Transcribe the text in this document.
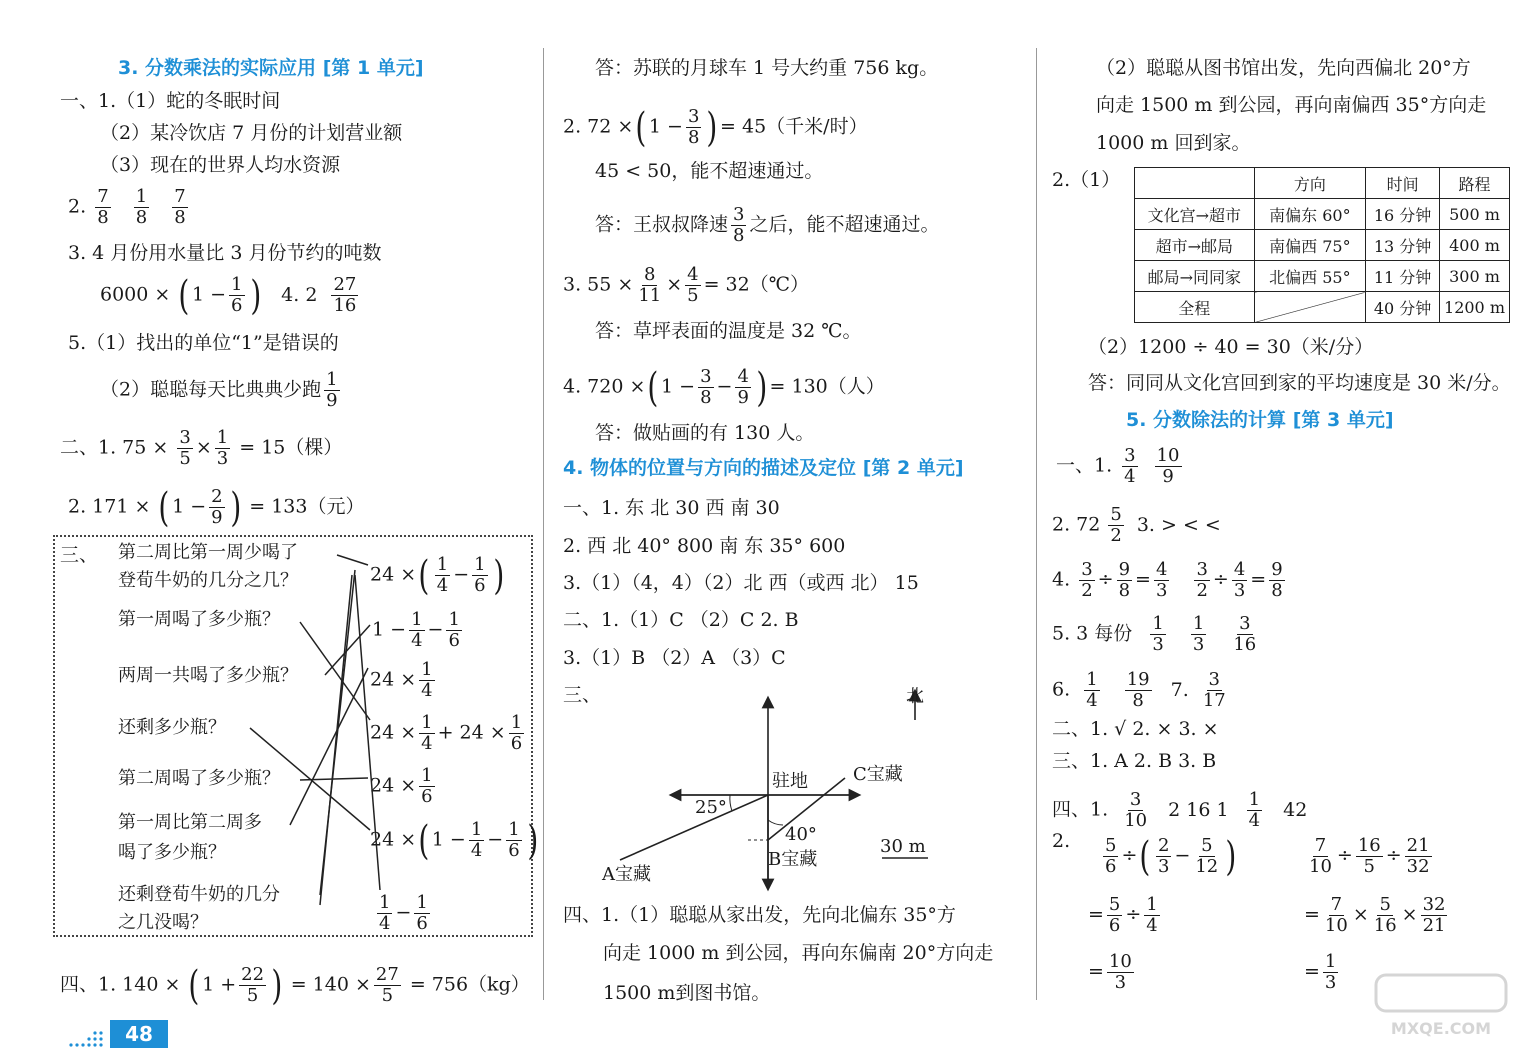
3. 分数乘法的实际应用 [第 1 单元]
一、1.（1）蛇的冬眠时间
（2）某冷饮店 7 月份的计划营业额
（3）现在的世界人均水资源
2. $\frac{7}{8}$
$\frac{1}{8}$
$\frac{7}{8}$
3. 4 月份用水量比 3 月份节约的吨数
6000 × ( $1 - \frac{1}{6}$ ) 4. $2 \frac{27}{16}$
5.（1）找出的单位“1”是错误的
（2）聪聪每天比典典少跑 $\frac{1}{9}$
二、1. $75 \times \frac{3}{5} \times \frac{1}{3} = 15$（棵）
2. 171 × ( $1 - \frac{2}{9}$ ) = 133（元）
三、
四、1. 140 × ( $1 + \frac{22}{5}$ ) = $140 \times \frac{27}{5} = 756(kg)$
第二周比第一周少喝了
登荀牛奶的几分之几？
第一周喝了多少瓶？
两周一共喝了多少瓶？
还剩多少瓶？
第二周喝了多少瓶？
第一周比第二周多
喝了多少瓶？
还剩登荀牛奶的几分
之几没喝？
24 ×( $\frac{1}{4} - \frac{1}{6}$ )
$1 - \frac{1}{4} - \frac{1}{6}$
$24 \times \frac{1}{4}$
$24 \times \frac{1}{4} + 24 \times \frac{1}{6}$
$24 \times \frac{1}{6}$
24 ×( $1 - \frac{1}{4} - \frac{1}{6}$ )
$\frac{1}{4} - \frac{1}{6}$
答：苏联的月球车 1 号大约重 756 kg。
2. 72 ×( $1 - \frac{3}{8}$ ) = 45（千米/时）
45 < 50，能不超速通过。
答：王叔叔降速 $\frac{3}{8}$ 之后，能不超速通过。
3. $55 \times \frac{8}{11} \times \frac{4}{5}$ = 32（℃）
答：草坪表面的温度是 32 ℃。
4. 720 ×( $1 - \frac{3}{8} - \frac{4}{9}$ ) = 130（人）
答：做贴画的有 130 人。
4. 物体的位置与方向的描述及定位 [第 2 单元]
一、1. 东 北 30 西 南 30
2. 西 北 40° 800 南 东 35° 600
3.（1）（4，4）（2）北 西（或西 北） 15
二、1.（1）C （2）C 2. B
3.（1）B （2）A （3）C
三、
四、1.（1）聪聪从家出发，先向北偏东 35°方
向走 1000 m 到公园，再向东偏南 20°方向走
1500 m到图书馆。
北
驻地	C宝藏
A宝藏
B宝藏
25°
40°
30 m
（2）聪聪从图书馆出发，先向西偏北 20°方
向走 1500 m 到公园，再向南偏西 35°方向走
1000 m 回到家。
2.（1）
（2）1200 ÷ 40 = 30（米/分）
答：同同从文化宫回到家的平均速度是 30 米/分。
5. 分数除法的计算 [第 3 单元]
一、1. $\frac{3}{4} \frac{10}{9}$
2. $72 \frac{5}{2} 3$. > < <
4. $\frac{3}{2} \div \frac{9}{8} = \frac{4}{3}$
$\frac{3}{2} \div \frac{4}{3} = \frac{9}{8}$
5. 3 每份 $\frac{1}{3}$
$\frac{1}{3}$
$\frac{3}{16}$
6. $\frac{1}{4}$
$\frac{19}{8} 7$. $\frac{3}{17}$
二、1. √ 2. × 3. ×
三、1. A 2. B 3. B
四、1. $\frac{3}{10} 2$ 16 $1 \frac{1}{4} 42$
2. $\frac{5}{6}$ ÷( $\frac{2}{3} - \frac{5}{12}$ )	$\frac{7}{10} \div \frac{16}{5} \div \frac{21}{32}$
= $\frac{5}{6} \div \frac{1}{4}$	= $\frac{7}{10} \times \frac{5}{16} \times \frac{32}{21}$
= $\frac{10}{3}$	= $\frac{1}{3}$
	方向	时间	路程
文化宫→超市	南偏东 60°	16 分钟	500 m
超市→邮局	南偏西 75°	13 分钟	400 m
邮局→同同家	北偏西 55°	11 分钟	300 m
全程		40 分钟	1200 m
48	MXQE.COM
